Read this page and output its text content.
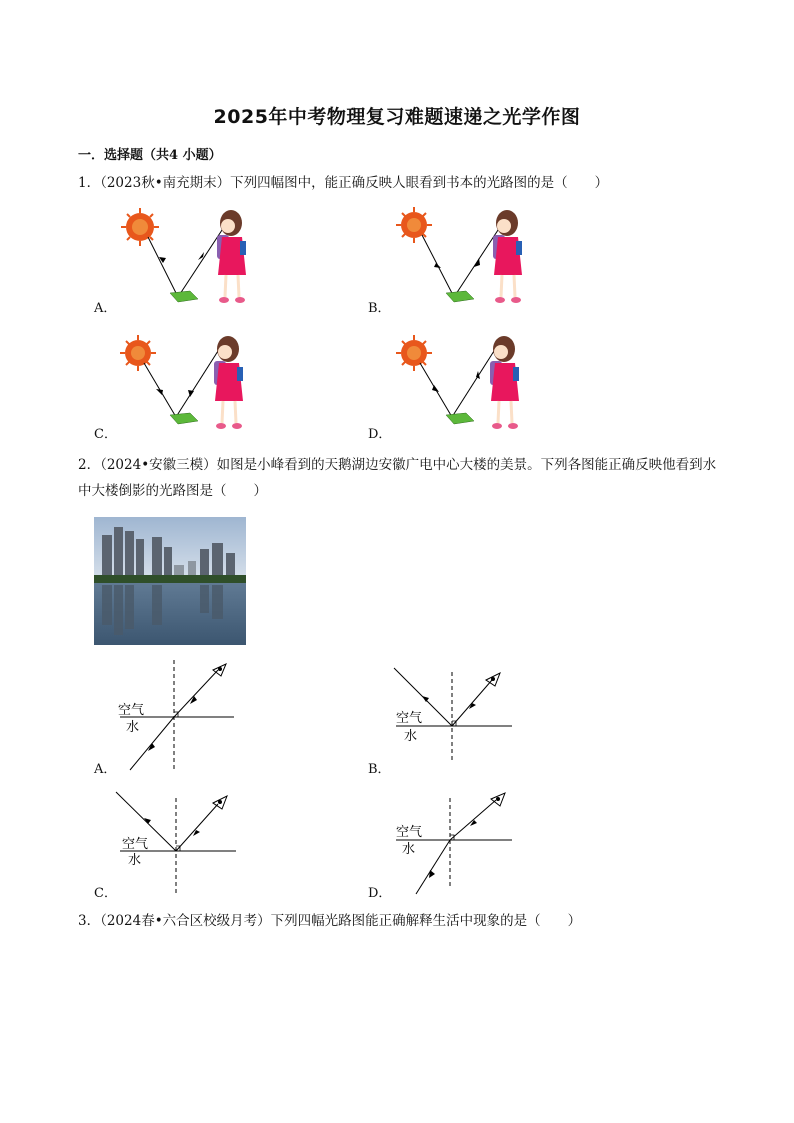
2025年中考物理复习难题速递之光学作图
一．选择题（共4 小题）
1．（2023秋•南充期末）下列四幅图中，能正确反映人眼看到书本的光路图的是（　　）
A．	B．
C．	D．
2．（2024•安徽三模）如图是小峰看到的天鹅湖边安徽广电中心大楼的美景。下列各图能正确反映他看到水中大楼倒影的光路图是（　　）
空气
水
A．
空气
水
B．
空气
水
C．
空气
水
D．
3．（2024春•六合区校级月考）下列四幅光路图能正确解释生活中现象的是（　　）
